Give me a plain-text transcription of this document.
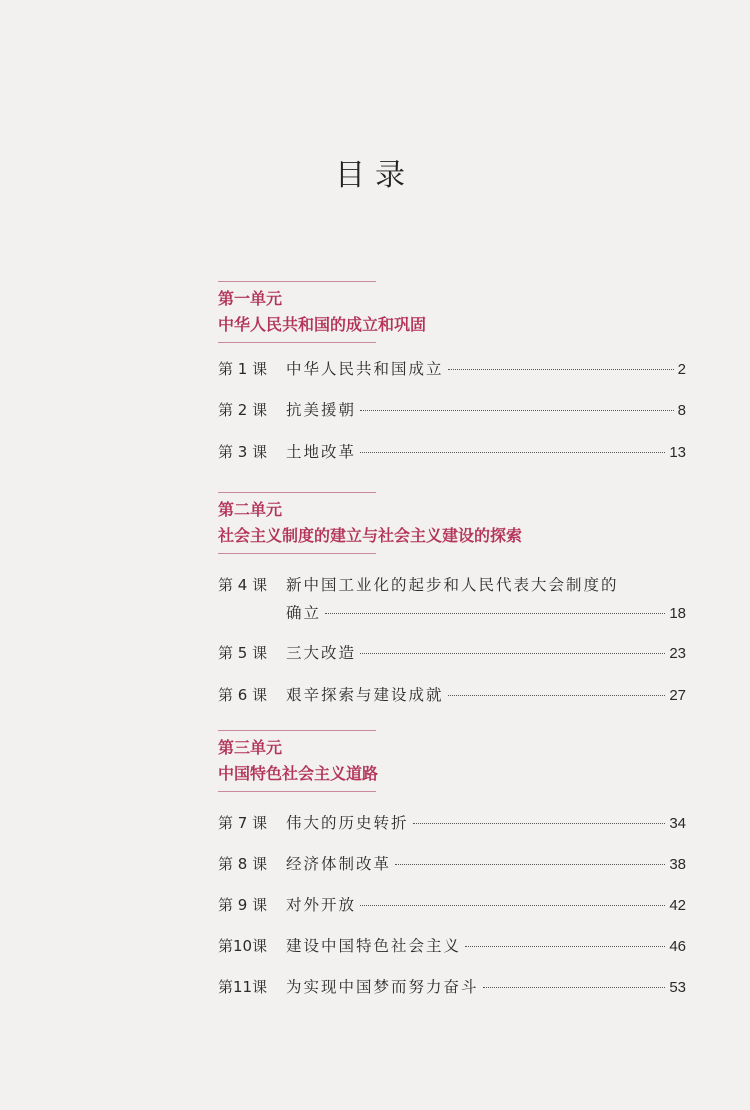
目录
第一单元
中华人民共和国的成立和巩固
第 1 课	中华人民共和国成立	2
第 2 课	抗美援朝	8
第 3 课	土地改革	13
第二单元
社会主义制度的建立与社会主义建设的探索
第 4 课	新中国工业化的起步和人民代表大会制度的
确立	18
第 5 课	三大改造	23
第 6 课	艰辛探索与建设成就	27
第三单元
中国特色社会主义道路
第 7 课	伟大的历史转折	34
第 8 课	经济体制改革	38
第 9 课	对外开放	42
第10课	建设中国特色社会主义	46
第11课	为实现中国梦而努力奋斗	53
